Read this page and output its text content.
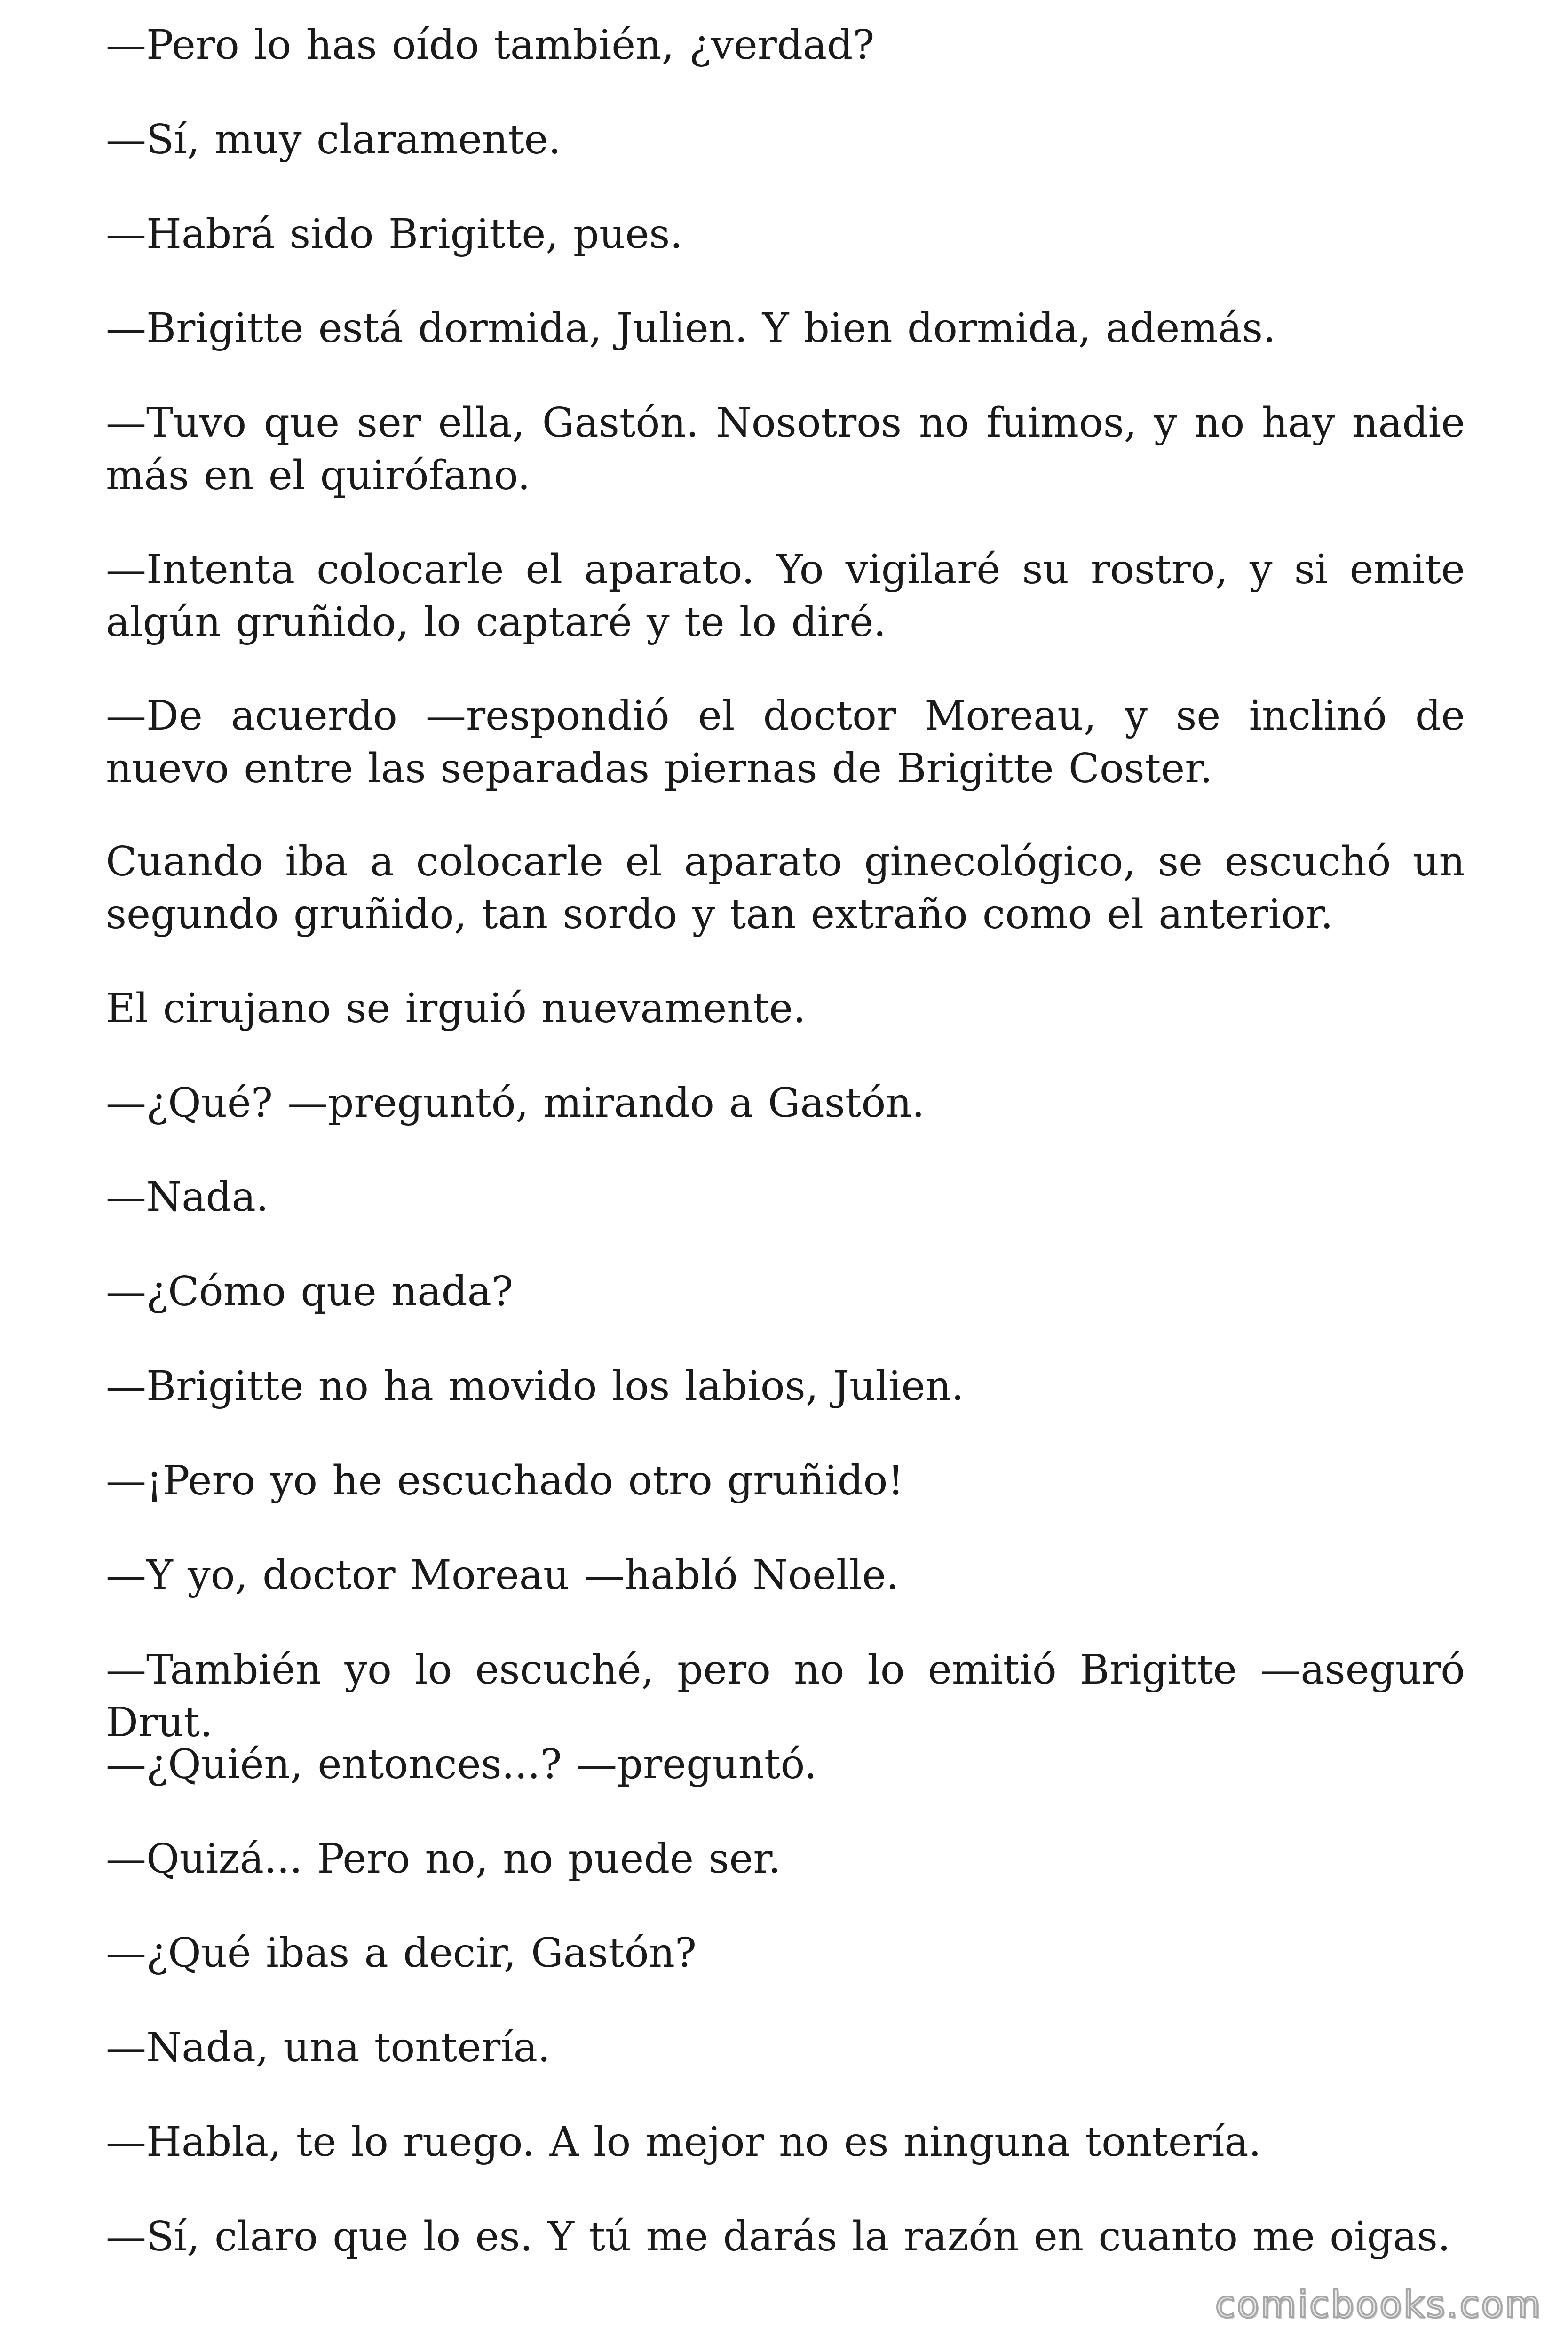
—Pero lo has oído también, ¿verdad?

—Sí, muy claramente.

—Habrá sido Brigitte, pues.

—Brigitte está dormida, Julien. Y bien dormida, además.

—Tuvo que ser ella, Gastón. Nosotros no fuimos, y no hay nadie más en el quirófano.

—Intenta colocarle el aparato. Yo vigilaré su rostro, y si emite algún gruñido, lo captaré y te lo diré.

—De acuerdo —respondió el doctor Moreau, y se inclinó de nuevo entre las separadas piernas de Brigitte Coster.

Cuando iba a colocarle el aparato ginecológico, se escuchó un segundo gruñido, tan sordo y tan extraño como el anterior.

El cirujano se irguió nuevamente.

—¿Qué? —preguntó, mirando a Gastón.

—Nada.

—¿Cómo que nada?

—Brigitte no ha movido los labios, Julien.

—¡Pero yo he escuchado otro gruñido!

—Y yo, doctor Moreau —habló Noelle.

—También yo lo escuché, pero no lo emitió Brigitte —aseguró Drut.

—¿Quién, entonces...? —preguntó.

—Quizá... Pero no, no puede ser.

—¿Qué ibas a decir, Gastón?

—Nada, una tontería.

—Habla, te lo ruego. A lo mejor no es ninguna tontería.

—Sí, claro que lo es. Y tú me darás la razón en cuanto me oigas.

comicbooks.com
